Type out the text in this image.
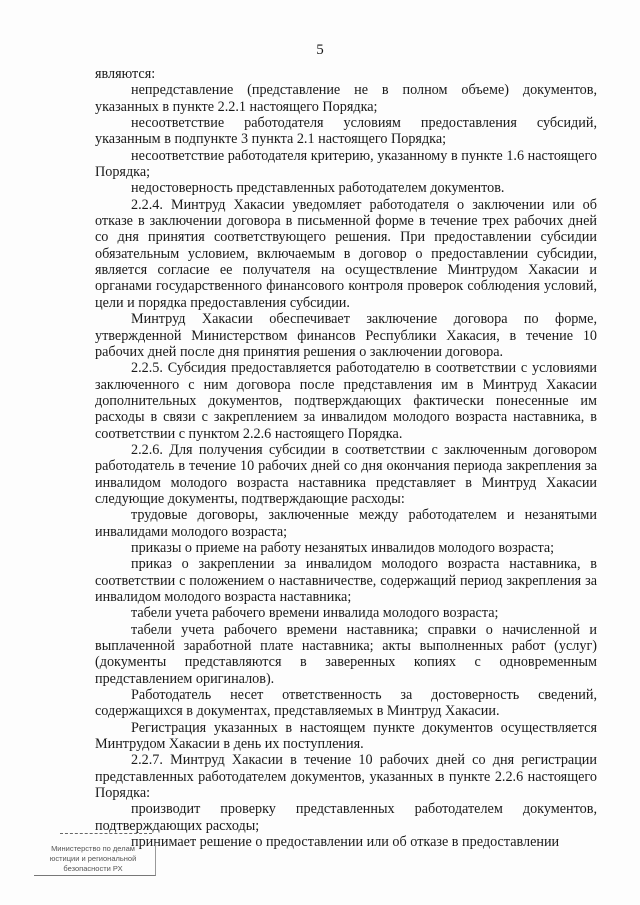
5

являются:

непредставление (представление не в полном объеме) документов, указанных в пункте 2.2.1 настоящего Порядка;

несоответствие работодателя условиям предоставления субсидий, указанным в подпункте 3 пункта 2.1 настоящего Порядка;

несоответствие работодателя критерию, указанному в пункте 1.6 настоящего Порядка;

недостоверность представленных работодателем документов.

2.2.4. Минтруд Хакасии уведомляет работодателя о заключении или об отказе в заключении договора в письменной форме в течение трех рабочих дней со дня принятия соответствующего решения. При предоставлении субсидии обязательным условием, включаемым в договор о предоставлении субсидии, является согласие ее получателя на осуществление Минтрудом Хакасии и органами государственного финансового контроля проверок соблюдения условий, цели и порядка предоставления субсидии.

Минтруд Хакасии обеспечивает заключение договора по форме, утвержденной Министерством финансов Республики Хакасия, в течение 10 рабочих дней после дня принятия решения о заключении договора.

2.2.5. Субсидия предоставляется работодателю в соответствии с условиями заключенного с ним договора после представления им в Минтруд Хакасии дополнительных документов, подтверждающих фактически понесенные им расходы в связи с закреплением за инвалидом молодого возраста наставника, в соответствии с пунктом 2.2.6 настоящего Порядка.

2.2.6. Для получения субсидии в соответствии с заключенным договором работодатель в течение 10 рабочих дней со дня окончания периода закрепления за инвалидом молодого возраста наставника представляет в Минтруд Хакасии следующие документы, подтверждающие расходы:

трудовые договоры, заключенные между работодателем и незанятыми инвалидами молодого возраста;

приказы о приеме на работу незанятых инвалидов молодого возраста;

приказ о закреплении за инвалидом молодого возраста наставника, в соответствии с положением о наставничестве, содержащий период закрепления за инвалидом молодого возраста наставника;

табели учета рабочего времени инвалида молодого возраста;

табели учета рабочего времени наставника; справки о начисленной и выплаченной заработной плате наставника; акты выполненных работ (услуг) (документы представляются в заверенных копиях с одновременным представлением оригиналов).

Работодатель несет ответственность за достоверность сведений, содержащихся в документах, представляемых в Минтруд Хакасии.

Регистрация указанных в настоящем пункте документов осуществляется Минтрудом Хакасии в день их поступления.

2.2.7. Минтруд Хакасии в течение 10 рабочих дней со дня регистрации представленных работодателем документов, указанных в пункте 2.2.6 настоящего Порядка:

производит проверку представленных работодателем документов, подтверждающих расходы;

принимает решение о предоставлении или об отказе в предоставлении

Министерство по делам
юстиции и региональной
безопасности РХ
